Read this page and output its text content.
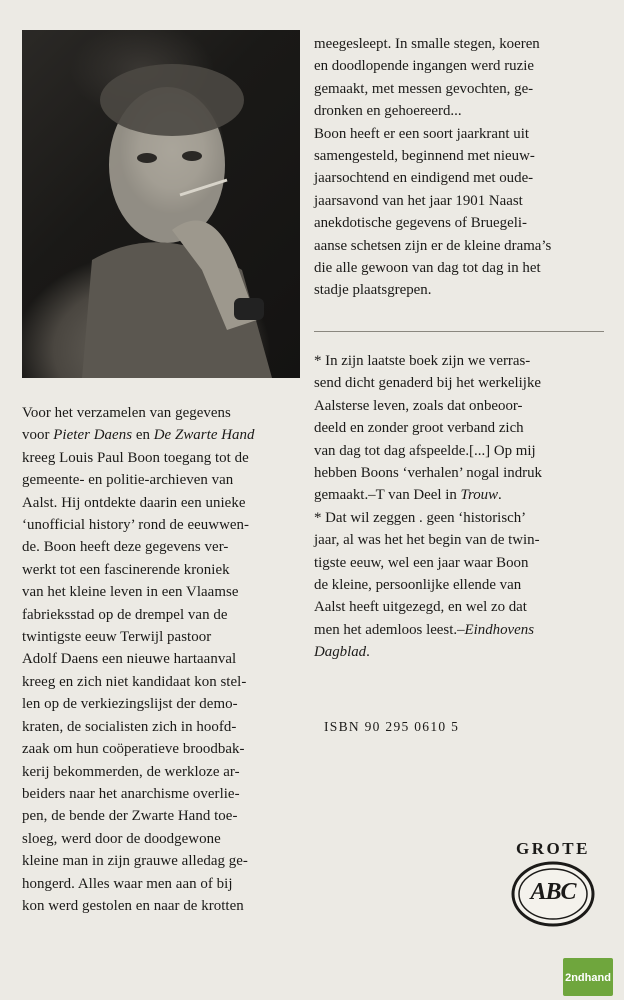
Voor het verzamelen van gegevens
voor Pieter Daens en De Zwarte Hand
kreeg Louis Paul Boon toegang tot de
gemeente- en politie-archieven van
Aalst. Hij ontdekte daarin een unieke
‘unofficial history’ rond de eeuwwen-
de. Boon heeft deze gegevens ver-
werkt tot een fascinerende kroniek
van het kleine leven in een Vlaamse
fabrieksstad op de drempel van de
twintigste eeuw Terwijl pastoor
Adolf Daens een nieuwe hartaanval
kreeg en zich niet kandidaat kon stel-
len op de verkiezingslijst der demo-
kraten, de socialisten zich in hoofd-
zaak om hun coöperatieve broodbak-
kerij bekommerden, de werkloze ar-
beiders naar het anarchisme overlie-
pen, de bende der Zwarte Hand toe-
sloeg, werd door de doodgewone
kleine man in zijn grauwe alledag ge-
hongerd. Alles waar men aan of bij
kon werd gestolen en naar de krotten
meegesleept. In smalle stegen, koeren
en doodlopende ingangen werd ruzie
gemaakt, met messen gevochten, ge-
dronken en gehoereerd...
Boon heeft er een soort jaarkrant uit
samengesteld, beginnend met nieuw-
jaarsochtend en eindigend met oude-
jaarsavond van het jaar 1901 Naast
anekdotische gegevens of Bruegeli-
aanse schetsen zijn er de kleine drama’s
die alle gewoon van dag tot dag in het
stadje plaatsgrepen.
* In zijn laatste boek zijn we verras-
send dicht genaderd bij het werkelijke
Aalsterse leven, zoals dat onbeoor-
deeld en zonder groot verband zich
van dag tot dag afspeelde.[...] Op mij
hebben Boons ‘verhalen’ nogal indruk
gemaakt.–T van Deel in Trouw.
* Dat wil zeggen . geen ‘historisch’
jaar, al was het het begin van de twin-
tigste eeuw, wel een jaar waar Boon
de kleine, persoonlijke ellende van
Aalst heeft uitgezegd, en wel zo dat
men het ademloos leest.–Eindhovens
Dagblad.
ISBN 90 295 0610 5
GROTE
ABC
2ndhand
